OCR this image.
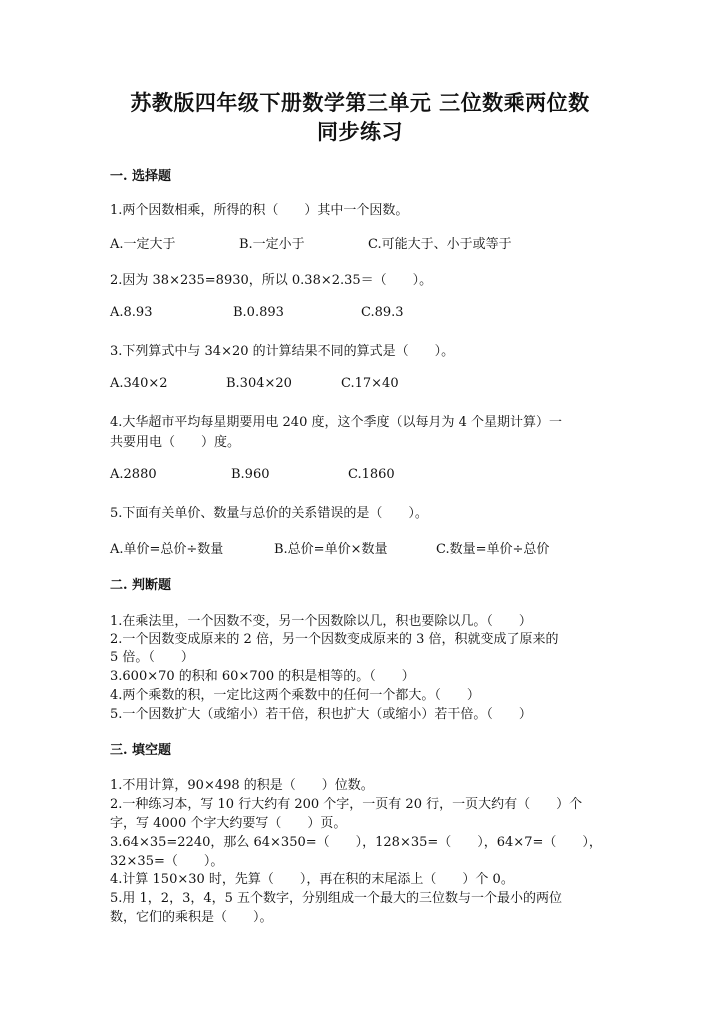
苏教版四年级下册数学第三单元 三位数乘两位数
同步练习
一. 选择题
1.两个因数相乘，所得的积（　　）其中一个因数。
A.一定大于	B.一定小于	C.可能大于、小于或等于
2.因为 38×235=8930，所以 0.38×2.35＝（　　）。
A.8.93	B.0.893	C.89.3
3.下列算式中与 34×20 的计算结果不同的算式是（　　）。
A.340×2	B.304×20	C.17×40
4.大华超市平均每星期要用电 240 度，这个季度（以每月为 4 个星期计算）一
共要用电（　　）度。
A.2880	B.960	C.1860
5.下面有关单价、数量与总价的关系错误的是（　　）。
A.单价=总价÷数量	B.总价=单价×数量	C.数量=单价÷总价
二. 判断题
1.在乘法里，一个因数不变，另一个因数除以几，积也要除以几。（　　）
2.一个因数变成原来的 2 倍，另一个因数变成原来的 3 倍，积就变成了原来的
5 倍。（　　）
3.600×70 的积和 60×700 的积是相等的。（　　）
4.两个乘数的积，一定比这两个乘数中的任何一个都大。（　　）
5.一个因数扩大（或缩小）若干倍，积也扩大（或缩小）若干倍。（　　）
三. 填空题
1.不用计算，90×498 的积是（　　）位数。
2.一种练习本，写 10 行大约有 200 个字，一页有 20 行，一页大约有（　　）个
字，写 4000 个字大约要写（　　）页。
3.64×35=2240，那么 64×350=（　　），128×35=（　　），64×7=（　　），
32×35=（　　）。
4.计算 150×30 时，先算（　　），再在积的末尾添上（　　）个 0。
5.用 1，2，3，4，5 五个数字，分别组成一个最大的三位数与一个最小的两位
数，它们的乘积是（　　）。
